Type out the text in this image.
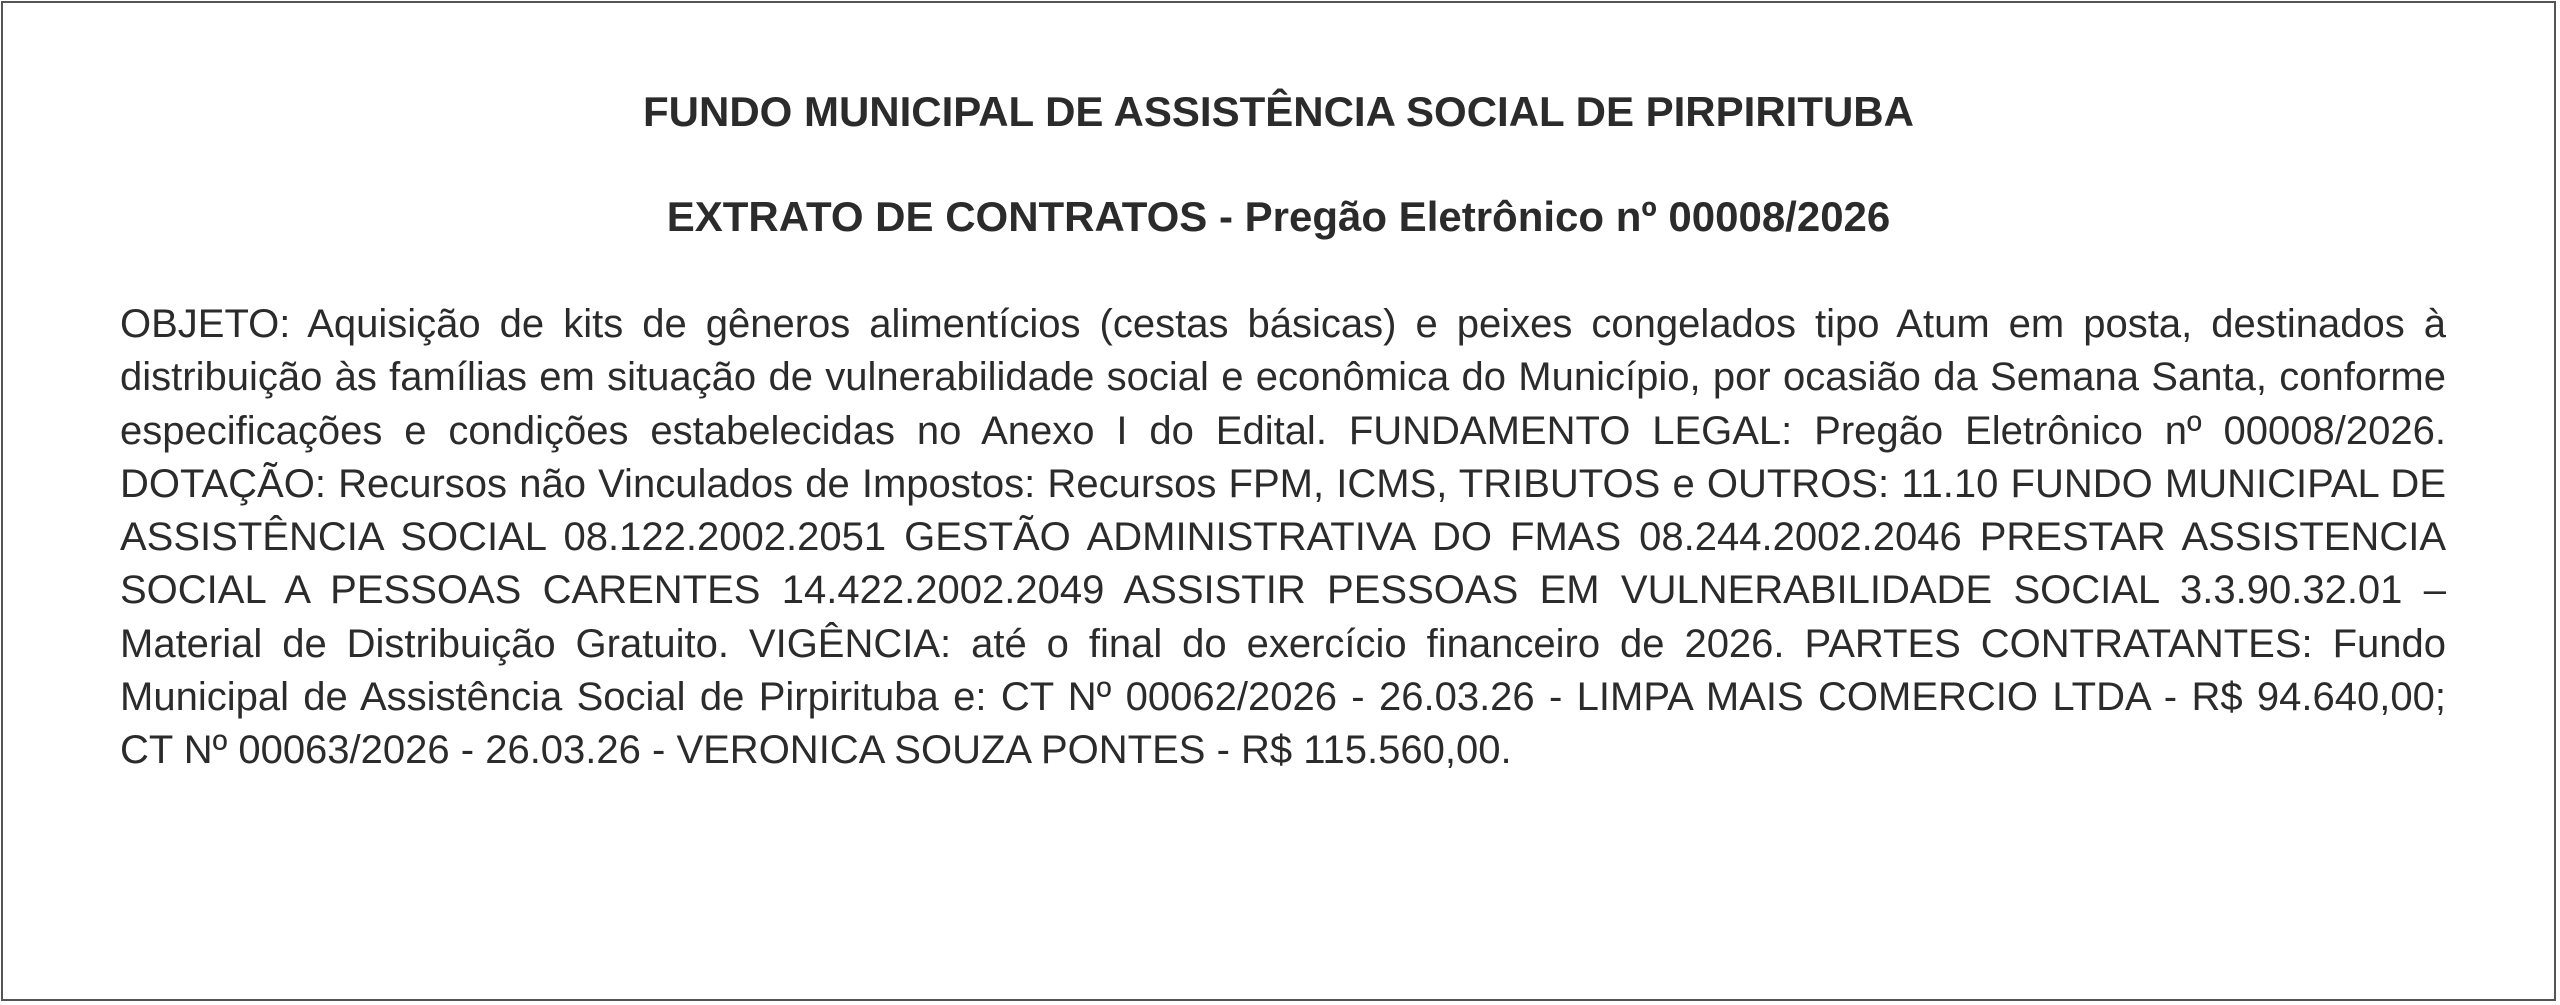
FUNDO MUNICIPAL DE ASSISTÊNCIA SOCIAL DE PIRPIRITUBA
EXTRATO DE CONTRATOS - Pregão Eletrônico nº 00008/2026

OBJETO: Aquisição de kits de gêneros alimentícios (cestas básicas) e peixes congelados tipo Atum em posta, destinados à distribuição às famílias em situação de vulnerabilidade social e econômica do Município, por ocasião da Semana Santa, conforme especificações e condições estabelecidas no Anexo I do Edital. FUNDAMENTO LEGAL: Pregão Eletrônico nº 00008/2026. DOTAÇÃO: Recursos não Vinculados de Impostos: Recursos FPM, ICMS, TRIBUTOS e OUTROS: 11.10 FUNDO MUNICIPAL DE ASSISTÊNCIA SOCIAL 08.122.2002.2051 GESTÃO ADMINISTRATIVA DO FMAS 08.244.2002.2046 PRESTAR ASSISTENCIA SOCIAL A PESSOAS CARENTES 14.422.2002.2049 ASSISTIR PESSOAS EM VULNERABILIDADE SOCIAL 3.3.90.32.01 – Material de Distribuição Gratuito. VIGÊNCIA: até o final do exercício financeiro de 2026. PARTES CONTRATANTES: Fundo Municipal de Assistência Social de Pirpirituba e: CT Nº 00062/2026 - 26.03.26 - LIMPA MAIS COMERCIO LTDA - R$ 94.640,00; CT Nº 00063/2026 - 26.03.26 - VERONICA SOUZA PONTES - R$ 115.560,00.
